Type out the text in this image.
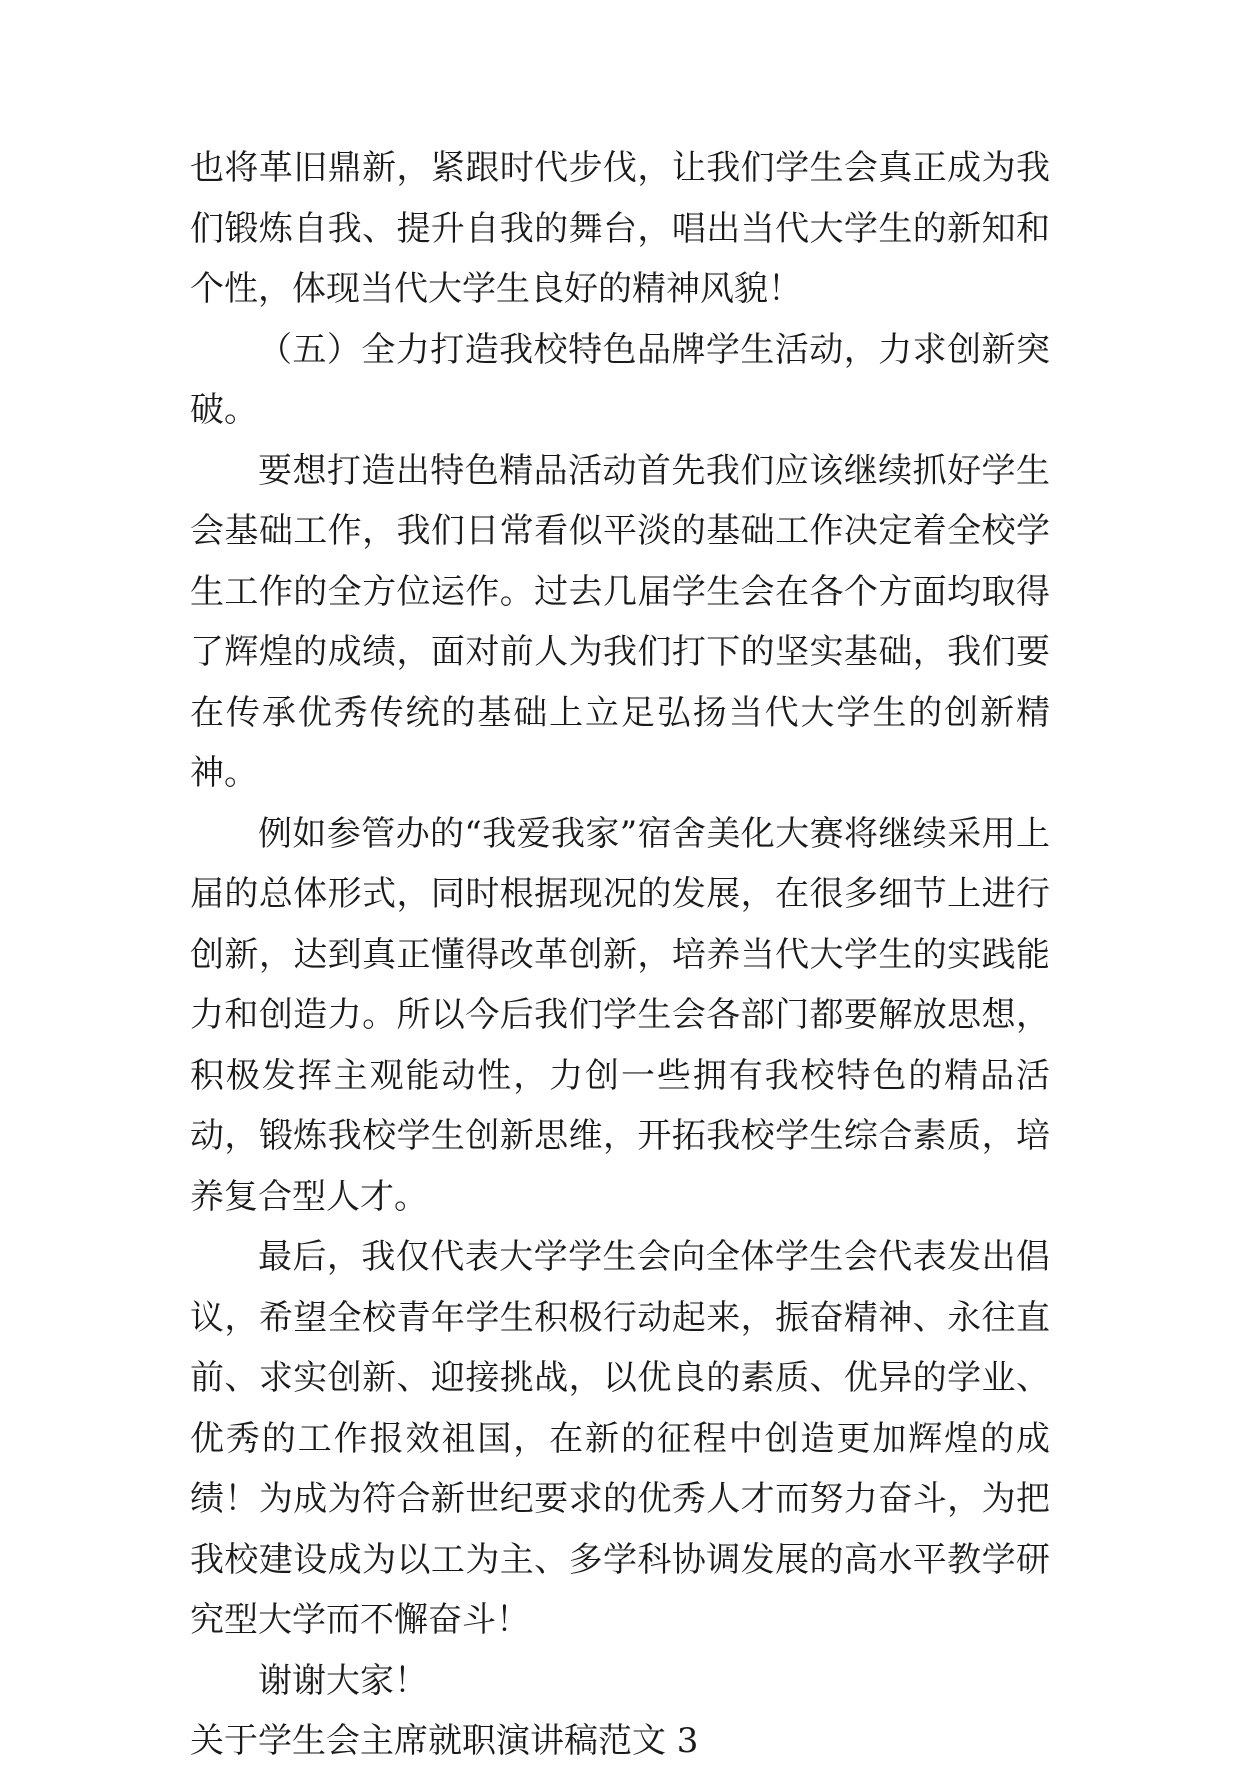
也将革旧鼎新，紧跟时代步伐，让我们学生会真正成为我们锻炼自我、提升自我的舞台，唱出当代大学生的新知和个性，体现当代大学生良好的精神风貌！

（五）全力打造我校特色品牌学生活动，力求创新突破。

要想打造出特色精品活动首先我们应该继续抓好学生会基础工作，我们日常看似平淡的基础工作决定着全校学生工作的全方位运作。过去几届学生会在各个方面均取得了辉煌的成绩，面对前人为我们打下的坚实基础，我们要在传承优秀传统的基础上立足弘扬当代大学生的创新精神。

例如参管办的“我爱我家”宿舍美化大赛将继续采用上届的总体形式，同时根据现况的发展，在很多细节上进行创新，达到真正懂得改革创新，培养当代大学生的实践能力和创造力。所以今后我们学生会各部门都要解放思想，积极发挥主观能动性，力创一些拥有我校特色的精品活动，锻炼我校学生创新思维，开拓我校学生综合素质，培养复合型人才。

最后，我仅代表大学学生会向全体学生会代表发出倡议，希望全校青年学生积极行动起来，振奋精神、永往直前、求实创新、迎接挑战，以优良的素质、优异的学业、优秀的工作报效祖国，在新的征程中创造更加辉煌的成绩！为成为符合新世纪要求的优秀人才而努力奋斗，为把我校建设成为以工为主、多学科协调发展的高水平教学研究型大学而不懈奋斗！

谢谢大家！

关于学生会主席就职演讲稿范文 3
